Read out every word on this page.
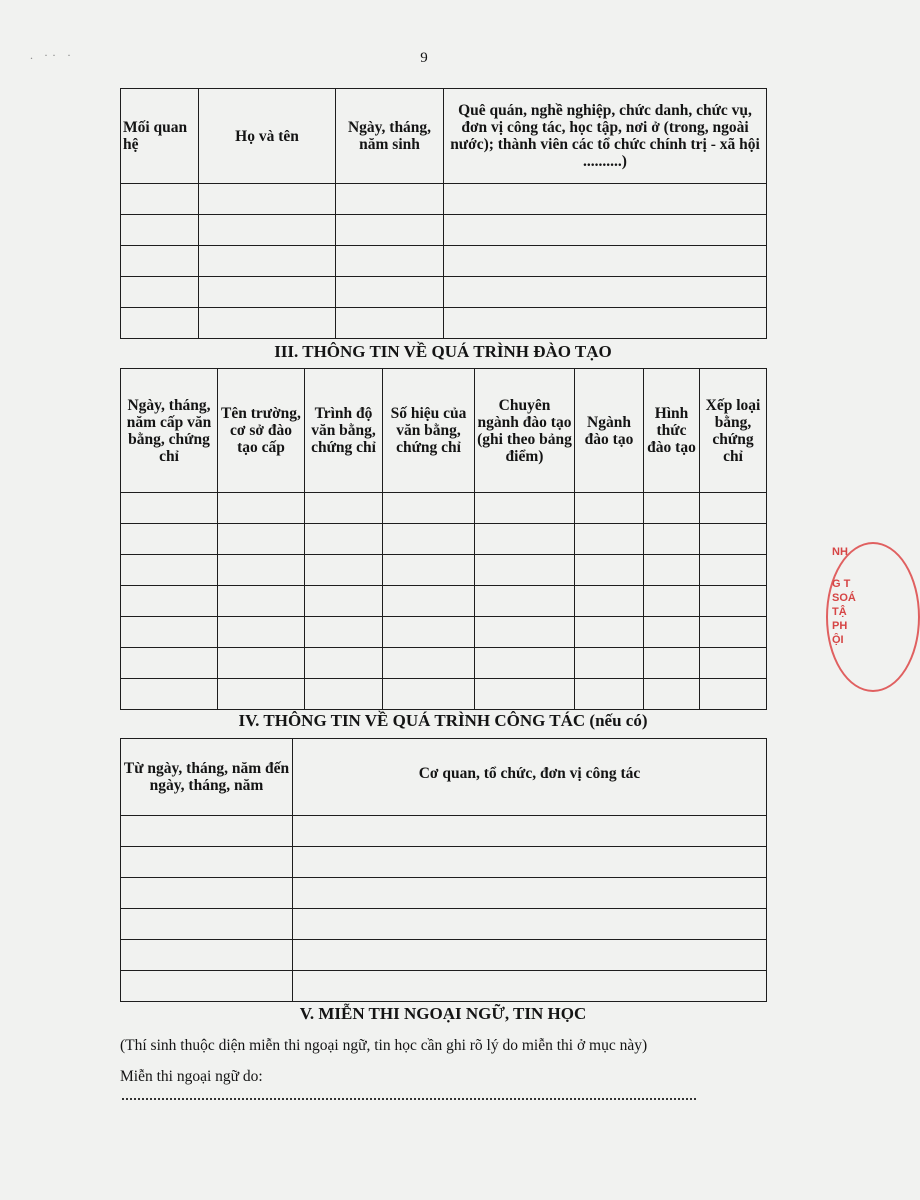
. ·· ·	9
Mối quan hệ	Họ và tên	Ngày, tháng, năm sinh	Quê quán, nghề nghiệp, chức danh, chức vụ, đơn vị công tác, học tập, nơi ở (trong, ngoài nước); thành viên các tổ chức chính trị - xã hội ..........)

III. THÔNG TIN VỀ QUÁ TRÌNH ĐÀO TẠO
Ngày, tháng, năm cấp văn bằng, chứng chỉ	Tên trường, cơ sở đào tạo cấp	Trình độ văn bằng, chứng chỉ	Số hiệu của văn bằng, chứng chỉ	Chuyên ngành đào tạo (ghi theo bảng điểm)	Ngành đào tạo	Hình thức đào tạo	Xếp loại bằng, chứng chỉ

IV. THÔNG TIN VỀ QUÁ TRÌNH CÔNG TÁC (nếu có)
Từ ngày, tháng, năm đến ngày, tháng, năm	Cơ quan, tổ chức, đơn vị công tác

V. MIỄN THI NGOẠI NGỮ, TIN HỌC
(Thí sinh thuộc diện miễn thi ngoại ngữ, tin học cần ghi rõ lý do miễn thi ở mục này)
Miễn thi ngoại ngữ do:
NH
G T
SOÁ
TẬ
PH
ỘI
